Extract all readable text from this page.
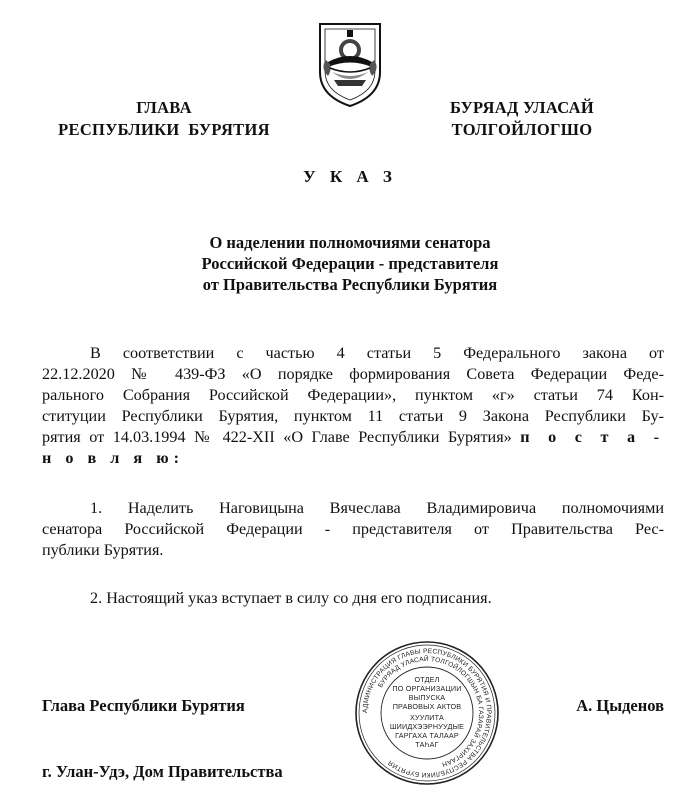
ГЛАВА
РЕСПУБЛИКИ  БУРЯТИЯ
БУРЯАД УЛАСАЙ
ТОЛГОЙЛОГШО
У К А З
О наделении полномочиями сенатора
Российской Федерации - представителя
от Правительства Республики Бурятия
В соответствии с частью 4 статьи 5 Федерального закона от
22.12.2020 № 439-ФЗ «О порядке формирования Совета Федерации Феде-
рального Собрания Российской Федерации», пунктом «г» статьи 74 Кон-
ституции Республики Бурятия, пунктом 11 статьи 9 Закона Республики Бу-
рятия от 14.03.1994 № 422-XII «О Главе Республики Бурятия» п о с т а -
н о в л я ю:
1. Наделить Наговицына Вячеслава Владимировича полномочиями
сенатора Российской Федерации - представителя от Правительства Рес-
публики Бурятия.
2. Настоящий указ вступает в силу со дня его подписания.
АДМИНИСТРАЦИЯ ГЛАВЫ РЕСПУБЛИКИ БУРЯТИЯ И ПРАВИТЕЛЬСТВА РЕСПУБЛИКИ БУРЯТИЯ
БУРЯАД УЛАСАЙ ТОЛГОЙЛОГШЫН БА ГАЗАРАЙ ЗАХИРГААН
ОТДЕЛ
ПО ОРГАНИЗАЦИИ
ВЫПУСКА
ПРАВОВЫХ АКТОВ
ХУУЛИТА
ШИИДХЭЭРНУУДЫЕ
ГАРГАХА ТАЛААР
ТАҺАГ
Глава Республики Бурятия	А. Цыденов
г. Улан-Удэ, Дом Правительства
